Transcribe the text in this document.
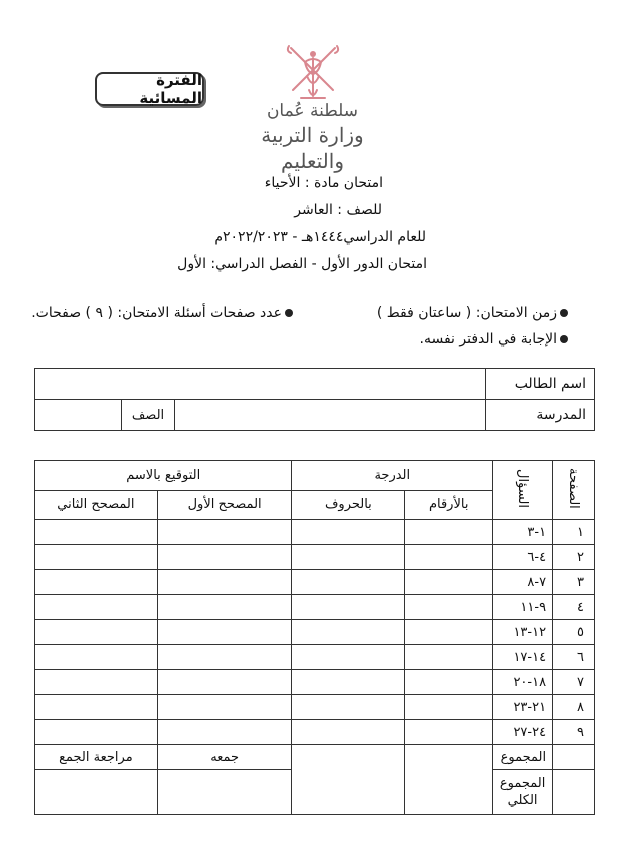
الفترة المسائية
سلطنة عُمان
وزارة التربية والتعليم
امتحان مادة : الأحياء
للصف : العاشر
للعام الدراسي١٤٤٤هـ - ٢٠٢٢/٢٠٢٣م
امتحان الدور الأول - الفصل الدراسي: الأول
زمن الامتحان: ( ساعتان فقط )
عدد صفحات أسئلة الامتحان: ( ٩ ) صفحات.
الإجابة في الدفتر نفسه.
اسم الطالب			
المدرسة		الصف	
الصفحة	السؤال	الدرجة		التوقيع بالاسم	
		بالأرقام	بالحروف	المصحح الأول	المصحح الثاني
١	١-٣				
٢	٤-٦				
٣	٧-٨				
٤	٩-١١				
٥	١٢-١٣				
٦	١٤-١٧				
٧	١٨-٢٠				
٨	٢١-٢٣				
٩	٢٤-٢٧				
	المجموع			جمعه	مراجعة الجمع
	المجموع الكلي				
